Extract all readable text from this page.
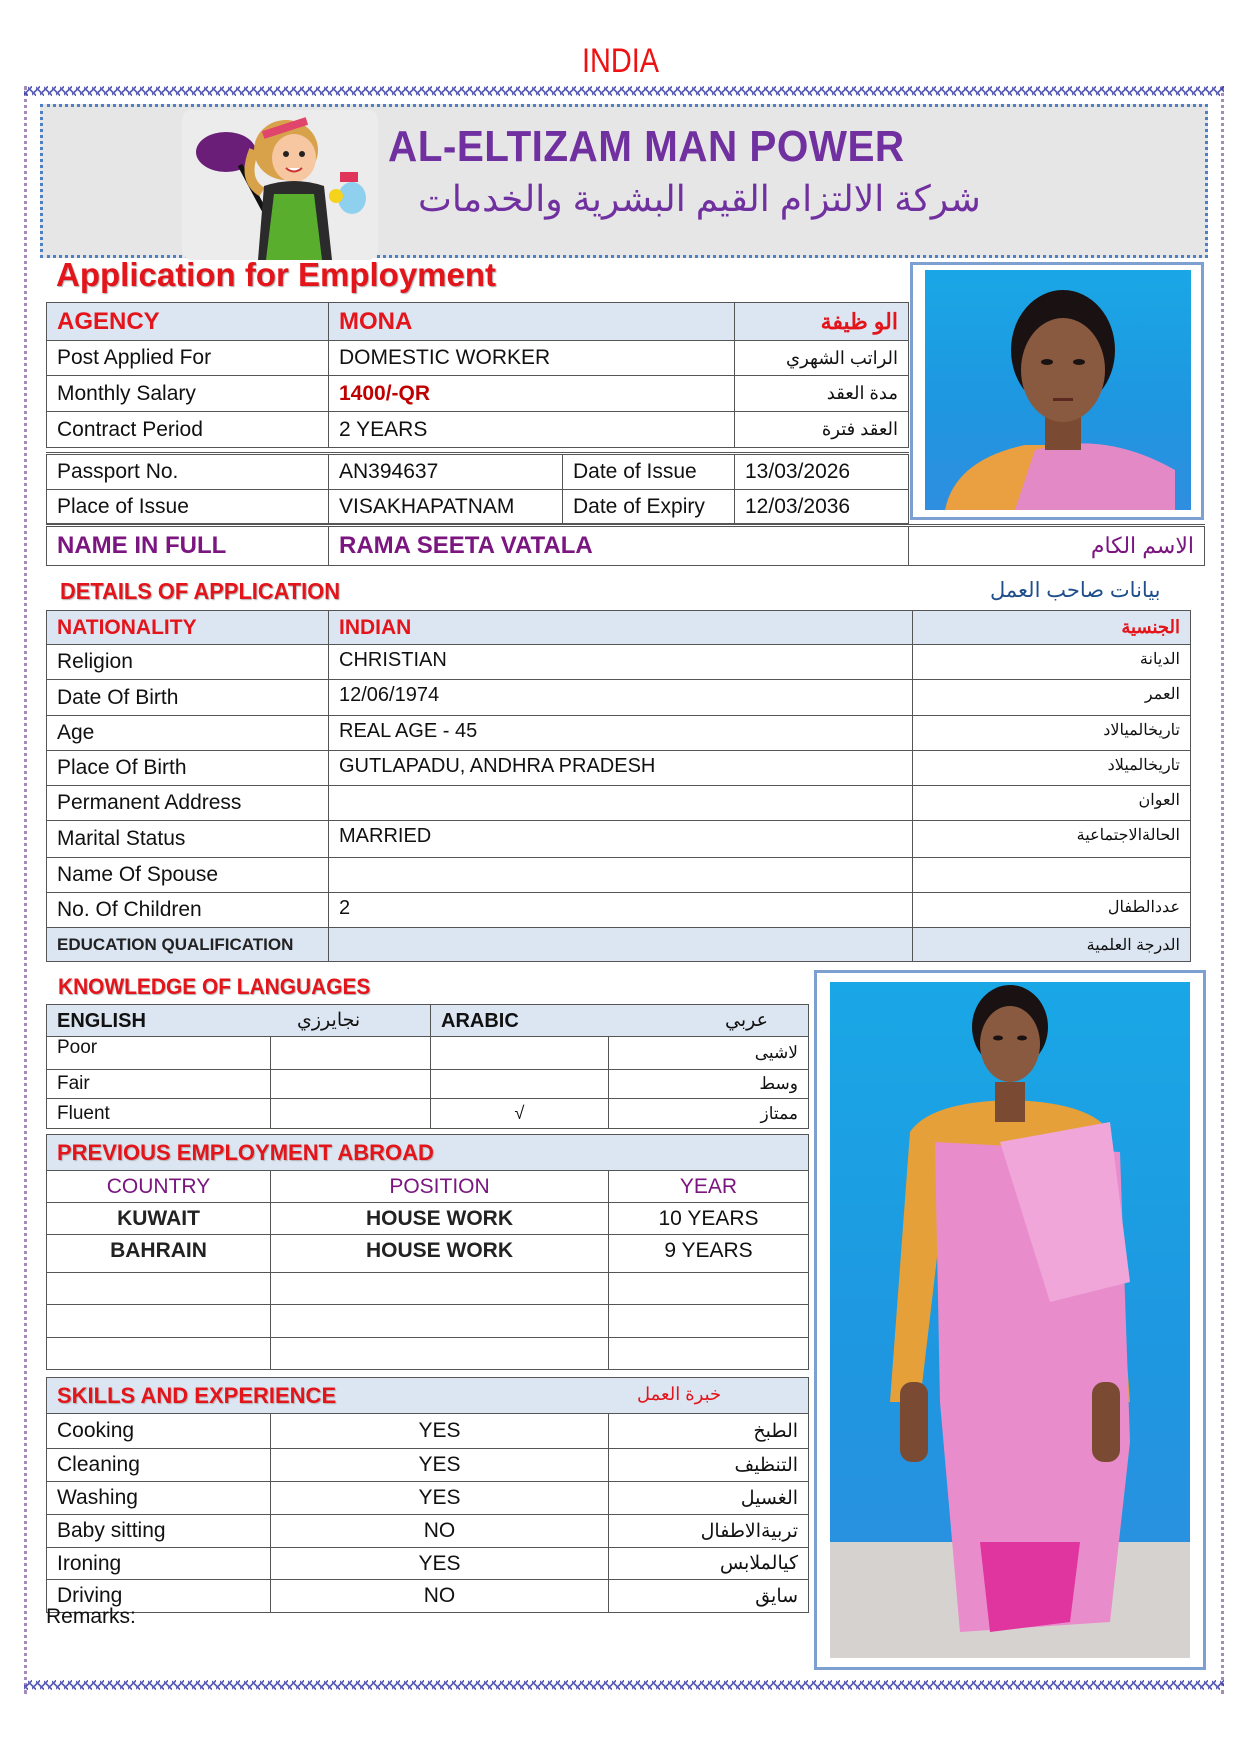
INDIA
AL-ELTIZAM MAN POWER
شركة الالتزام القيم البشرية والخدمات
Application for Employment
AGENCY	MONA	الو ظيفة
Post Applied For	DOMESTIC WORKER	الراتب الشهري
Monthly Salary	1400/-QR	مدة العقد
Contract Period	2 YEARS	العقد فترة
Passport No.	AN394637	Date of Issue	13/03/2026
Place of Issue	VISAKHAPATNAM	Date of Expiry	12/03/2036
NAME IN FULL	RAMA SEETA VATALA	الاسم الكام
DETAILS OF APPLICATION	بيانات صاحب العمل
NATIONALITY	INDIAN	الجنسية
Religion	CHRISTIAN	الديانة
Date Of Birth	12/06/1974	العمر
Age	REAL AGE - 45	تاريخالميالاد
Place Of Birth	GUTLAPADU, ANDHRA PRADESH	تاريخالميلاد
Permanent Address		العوان
Marital Status	MARRIED	الحالةالاجتماعية
Name Of Spouse		
No. Of Children	2	عددالطفال
EDUCATION QUALIFICATION		الدرجة العلمية
KNOWLEDGE OF LANGUAGES
ENGLISH نجايرزي		ARABIC عربي	

Poor			لاشيى
Fair			وسط
Fluent		√	ممتاز
PREVIOUS EMPLOYMENT ABROAD		
COUNTRY	POSITION	YEAR
KUWAIT	HOUSE WORK	10 YEARS
BAHRAIN	HOUSE WORK	9 YEARS

SKILLS AND EXPERIENCE خبرة العمل		

Cooking	YES	الطبخ
Cleaning	YES	التنظيف
Washing	YES	الغسيل
Baby sitting	NO	تربيةالاطفال
Ironing	YES	كيالملابس
Driving	NO	سايق
Remarks:
